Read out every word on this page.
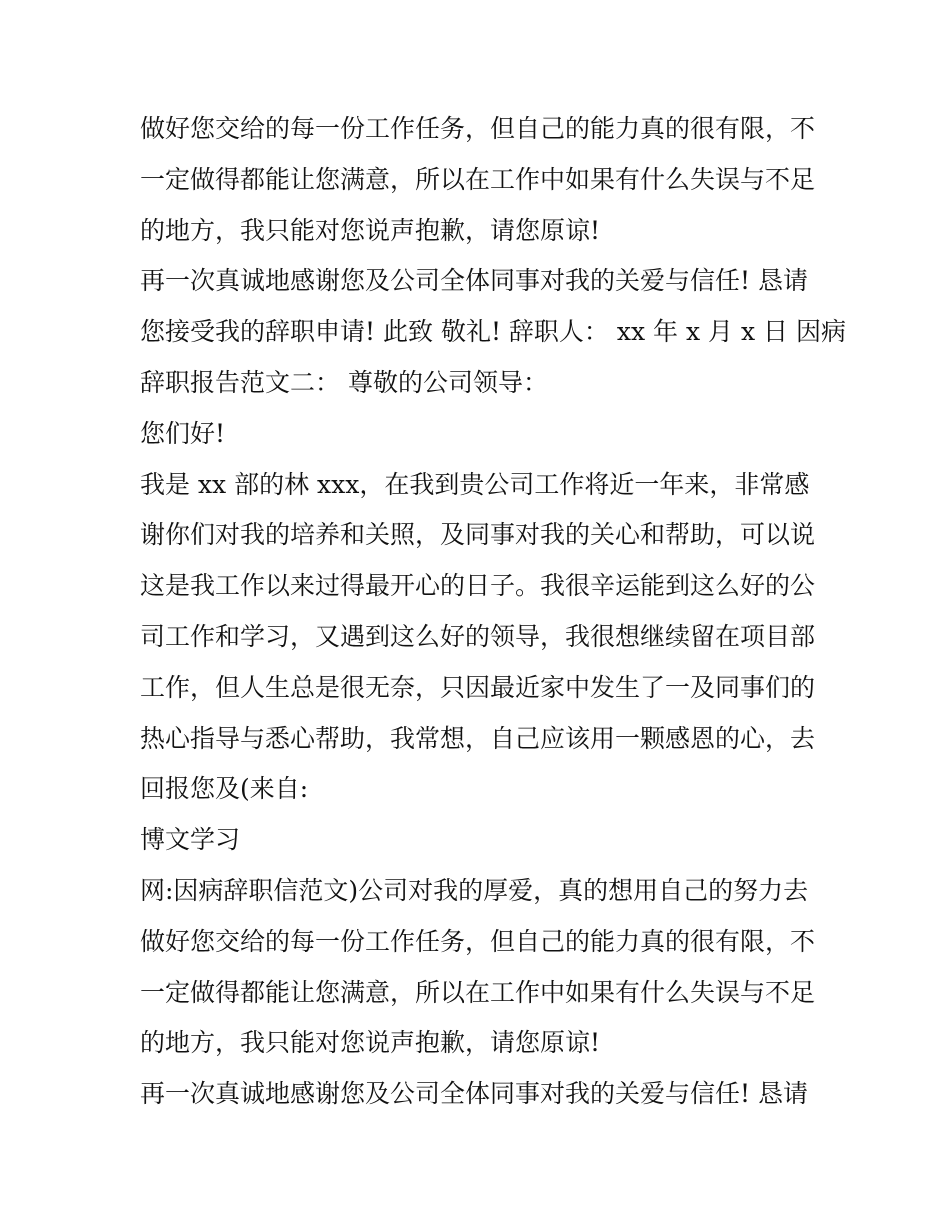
做好您交给的每一份工作任务，但自己的能力真的很有限，不
一定做得都能让您满意，所以在工作中如果有什么失误与不足
的地方，我只能对您说声抱歉，请您原谅!
再一次真诚地感谢您及公司全体同事对我的关爱与信任! 恳请
您接受我的辞职申请! 此致 敬礼! 辞职人： xx 年 x 月 x 日 因病
辞职报告范文二： 尊敬的公司领导：
您们好!
我是 xx 部的林 xxx，在我到贵公司工作将近一年来，非常感
谢你们对我的培养和关照，及同事对我的关心和帮助，可以说
这是我工作以来过得最开心的日子。我很辛运能到这么好的公
司工作和学习，又遇到这么好的领导，我很想继续留在项目部
工作，但人生总是很无奈，只因最近家中发生了一及同事们的
热心指导与悉心帮助，我常想，自己应该用一颗感恩的心，去
回报您及(来自:
博文学习
网:因病辞职信范文)公司对我的厚爱，真的想用自己的努力去
做好您交给的每一份工作任务，但自己的能力真的很有限，不
一定做得都能让您满意，所以在工作中如果有什么失误与不足
的地方，我只能对您说声抱歉，请您原谅!
再一次真诚地感谢您及公司全体同事对我的关爱与信任! 恳请
